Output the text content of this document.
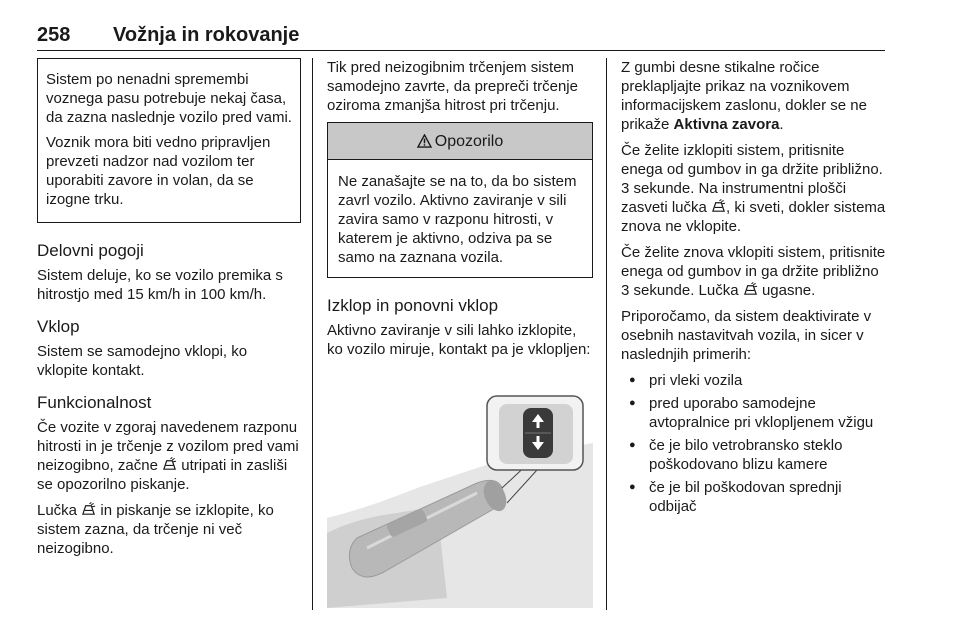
258 Vožnja in rokovanje

Sistem po nenadni spremembi voznega pasu potrebuje nekaj časa, da zazna naslednje vozilo pred vami.

Voznik mora biti vedno pripravljen prevzeti nadzor nad vozilom ter uporabiti zavore in volan, da se izogne trku.

Delovni pogoji

Sistem deluje, ko se vozilo premika s hitrostjo med 15 km/h in 100 km/h.

Vklop

Sistem se samodejno vklopi, ko vklopite kontakt.

Funkcionalnost

Če vozite v zgoraj navedenem razponu hitrosti in je trčenje z vozilom pred vami neizogibno, začne utripati in zasliši se opozorilno piskanje.

Lučka in piskanje se izklopite, ko sistem zazna, da trčenje ni več neizogibno.

Tik pred neizogibnim trčenjem sistem samodejno zavrte, da prepreči trčenje oziroma zmanjša hitrost pri trčenju.

Opozorilo

Ne zanašajte se na to, da bo sistem zavrl vozilo. Aktivno zaviranje v sili zavira samo v razponu hitrosti, v katerem je aktivno, odziva pa se samo na zaznana vozila.

Izklop in ponovni vklop

Aktivno zaviranje v sili lahko izklopite, ko vozilo miruje, kontakt pa je vklopljen:

Z gumbi desne stikalne ročice preklapljajte prikaz na voznikovem informacijskem zaslonu, dokler se ne prikaže Aktivna zavora.

Če želite izklopiti sistem, pritisnite enega od gumbov in ga držite približno. 3 sekunde. Na instrumentni plošči zasveti lučka , ki sveti, dokler sistema znova ne vklopite.

Če želite znova vklopiti sistem, pritisnite enega od gumbov in ga držite približno 3 sekunde. Lučka ugasne.

Priporočamo, da sistem deaktivirate v osebnih nastavitvah vozila, in sicer v naslednjih primerih:

● pri vleki vozila
● pred uporabo samodejne avtopralnice pri vklopljenem vžigu
● če je bilo vetrobransko steklo poškodovano blizu kamere
● če je bil poškodovan sprednji odbijač
